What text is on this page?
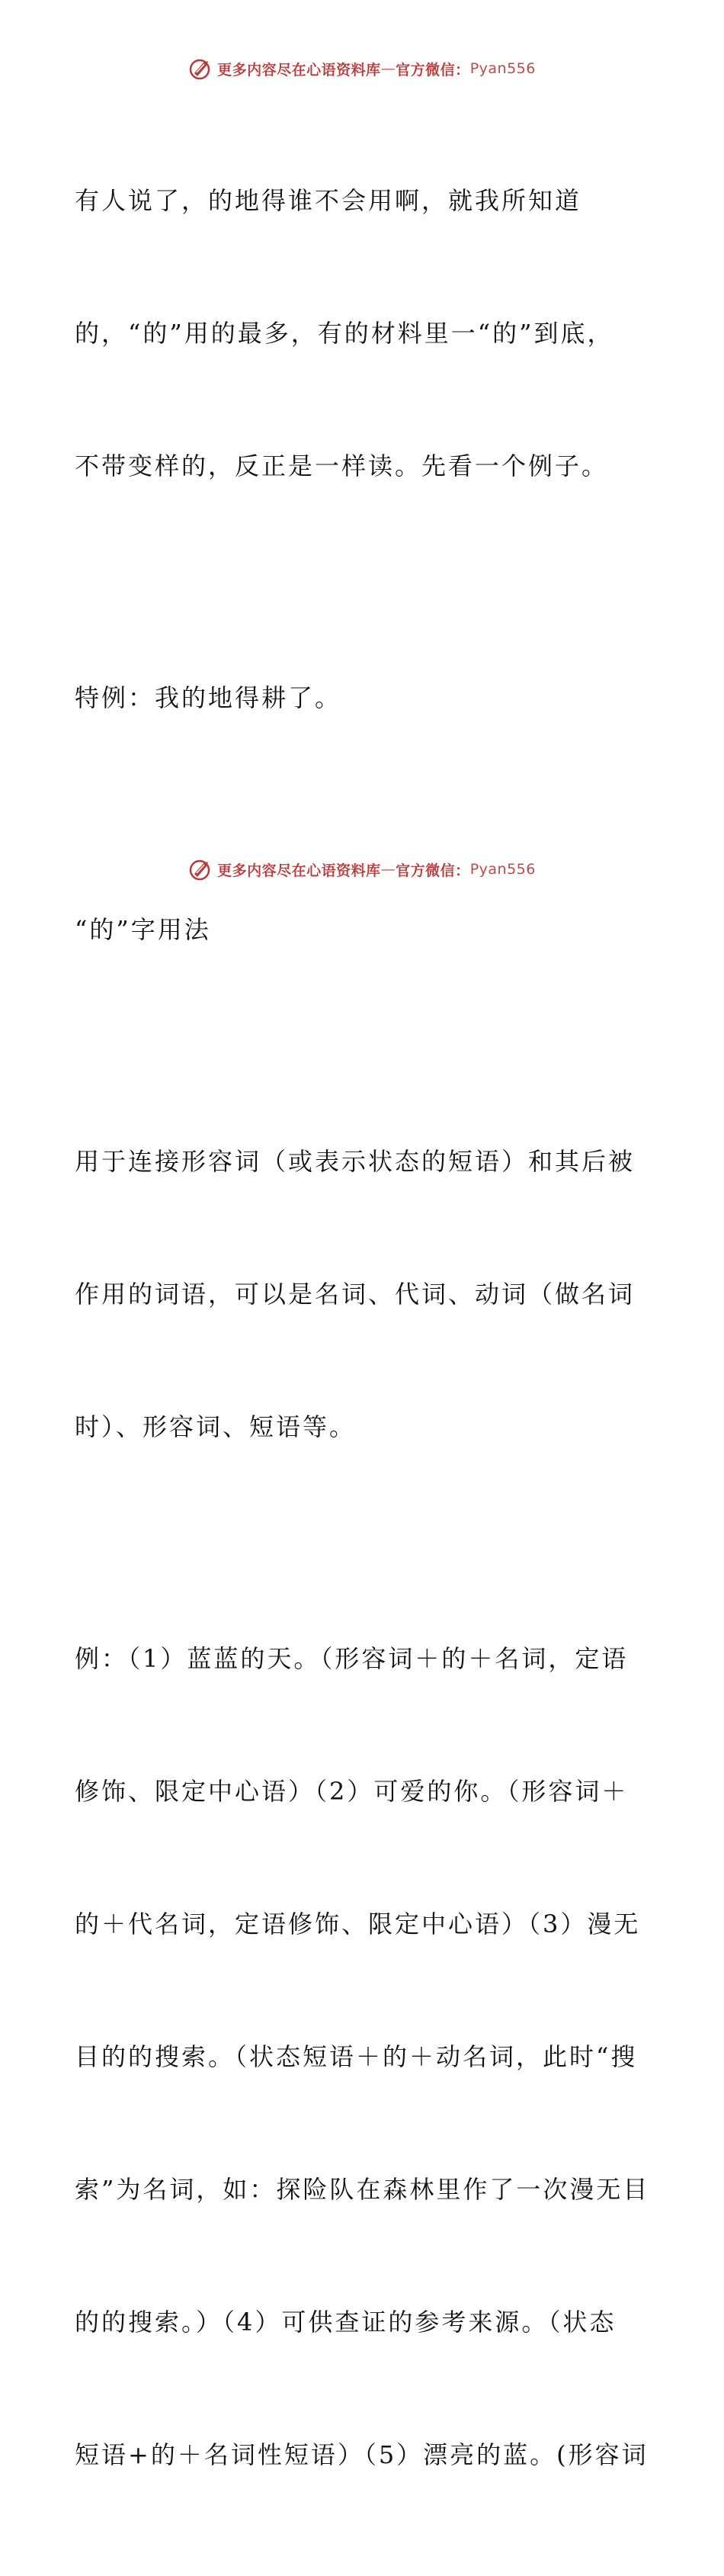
更多内容尽在心语资料库 — 官方微信： Pyan556

有人说了，的地得谁不会用啊，就我所知道

的，“的”用的最多，有的材料里一“的”到底，

不带变样的，反正是一样读。先看一个例子。

特例：我的地得耕了。

“的”字用法

用于连接形容词（或表示状态的短语）和其后被

作用的词语，可以是名词、代词、动词（做名词

时）、形容词、短语等。

例：（1）蓝蓝的天。（形容词＋的＋名词，定语

修饰、限定中心语）（2）可爱的你。（形容词＋

的＋代名词，定语修饰、限定中心语）（3）漫无

目的的搜索。（状态短语＋的＋动名词，此时“搜

索”为名词，如：探险队在森林里作了一次漫无目

的的搜索。）（4）可供查证的参考来源。（状态

短语+的＋名词性短语）（5）漂亮的蓝。(形容词

更多内容尽在心语资料库 — 官方微信： Pyan556
